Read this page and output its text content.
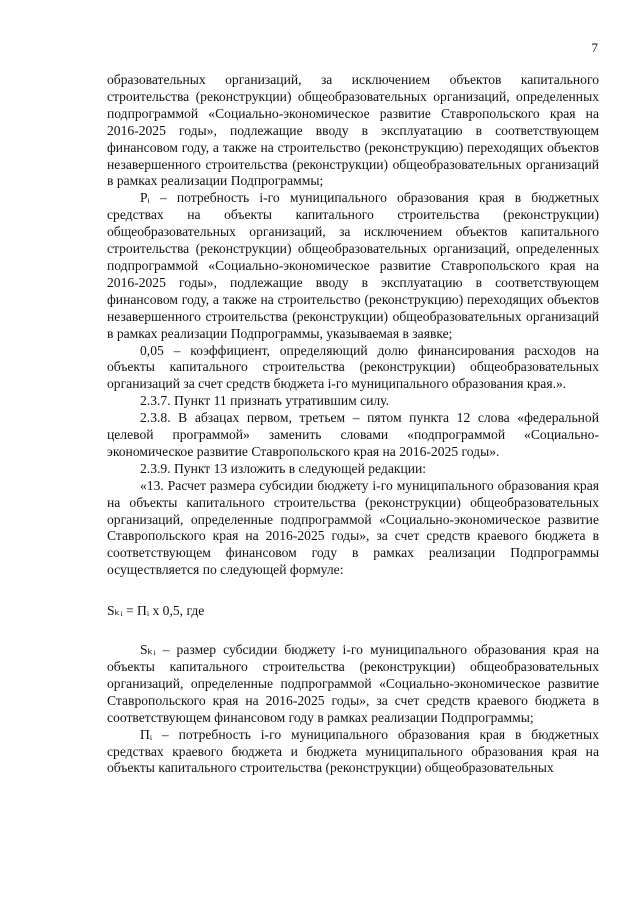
7

образовательных организаций, за исключением объектов капитального строительства (реконструкции) общеобразовательных организаций, определенных подпрограммой «Социально-экономическое развитие Ставропольского края на 2016-2025 годы», подлежащие вводу в эксплуатацию в соответствующем финансовом году, а также на строительство (реконструкцию) переходящих объектов незавершенного строительства (реконструкции) общеобразовательных организаций в рамках реализации Подпрограммы;

Pᵢ – потребность i-го муниципального образования края в бюджетных средствах на объекты капитального строительства (реконструкции) общеобразовательных организаций, за исключением объектов капитального строительства (реконструкции) общеобразовательных организаций, определенных подпрограммой «Социально-экономическое развитие Ставропольского края на 2016-2025 годы», подлежащие вводу в эксплуатацию в соответствующем финансовом году, а также на строительство (реконструкцию) переходящих объектов незавершенного строительства (реконструкции) общеобразовательных организаций в рамках реализации Подпрограммы, указываемая в заявке;

0,05 – коэффициент, определяющий долю финансирования расходов на объекты капитального строительства (реконструкции) общеобразовательных организаций за счет средств бюджета i-го муниципального образования края.».

2.3.7. Пункт 11 признать утратившим силу.

2.3.8. В абзацах первом, третьем – пятом пункта 12 слова «федеральной целевой программой» заменить словами «подпрограммой «Социально-экономическое развитие Ставропольского края на 2016-2025 годы».

2.3.9. Пункт 13 изложить в следующей редакции:

«13. Расчет размера субсидии бюджету i-го муниципального образования края на объекты капитального строительства (реконструкции) общеобразовательных организаций, определенные подпрограммой «Социально-экономическое развитие Ставропольского края на 2016-2025 годы», за счет средств краевого бюджета в соответствующем финансовом году в рамках реализации Подпрограммы осуществляется по следующей формуле:

Sₖᵢ = Пᵢ x 0,5, где

Sₖᵢ – размер субсидии бюджету i-го муниципального образования края на объекты капитального строительства (реконструкции) общеобразовательных организаций, определенные подпрограммой «Социально-экономическое развитие Ставропольского края на 2016-2025 годы», за счет средств краевого бюджета в соответствующем финансовом году в рамках реализации Подпрограммы;

Пᵢ – потребность i-го муниципального образования края в бюджетных средствах краевого бюджета и бюджета муниципального образования края на объекты капитального строительства (реконструкции) общеобразовательных
